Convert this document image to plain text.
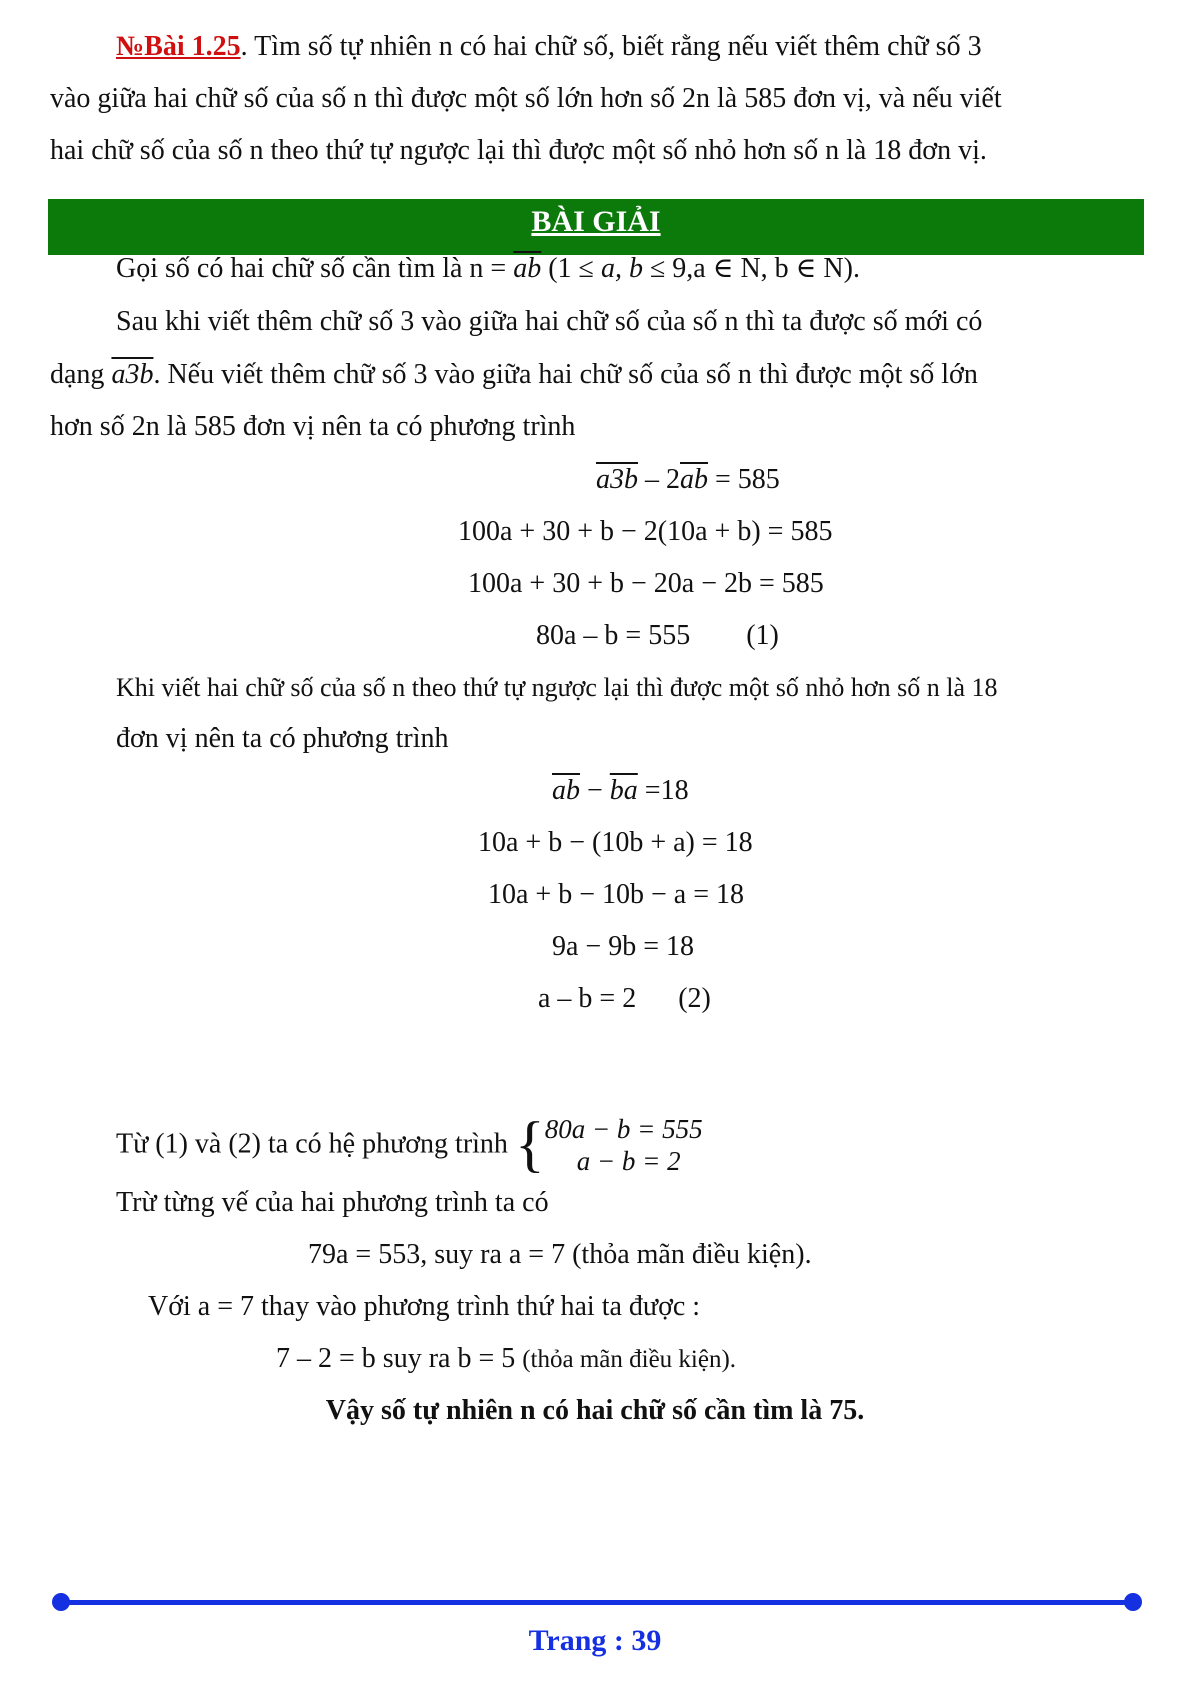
№Bài 1.25. Tìm số tự nhiên n có hai chữ số, biết rằng nếu viết thêm chữ số 3
vào giữa hai chữ số của số n thì được một số lớn hơn số 2n là 585 đơn vị, và nếu viết
hai chữ số của số n theo thứ tự ngược lại thì được một số nhỏ hơn số n là 18 đơn vị.
BÀI GIẢI
Gọi số có hai chữ số cần tìm là $n = \overline{ab}$ (1 ≤ a, b ≤ 9,a ∈ N, b ∈ N).
Sau khi viết thêm chữ số 3 vào giữa hai chữ số của số n thì ta được số mới có
dạng a3b. Nếu viết thêm chữ số 3 vào giữa hai chữ số của số n thì được một số lớn
hơn số 2n là 585 đơn vị nên ta có phương trình
$a3b - 2\overline{ab} = 585$
100a + 30 + b − 2(10a + b) = 585
100a + 30 + b − 20a − 2b = 585
80a – b = 555        (1)
Khi viết hai chữ số của số n theo thứ tự ngược lại thì được một số nhỏ hơn số n là 18
đơn vị nên ta có phương trình
$\overline{ab} - \overline{ba} =18$
10a + b − (10b + a) = 18
10a + b − 10b − a = 18
9a − 9b = 18
a – b = 2      (2)
Từ (1) và (2) ta có hệ phương trình { 80a − b = 555
a − b = 2
Trừ từng vế của hai phương trình ta có
79a = 553, suy ra a = 7 (thỏa mãn điều kiện).
Với a = 7 thay vào phương trình thứ hai ta được :
7 – 2 = b suy ra b = 5 (thỏa mãn điều kiện).
Vậy số tự nhiên n có hai chữ số cần tìm là 75.
Trang : 39
